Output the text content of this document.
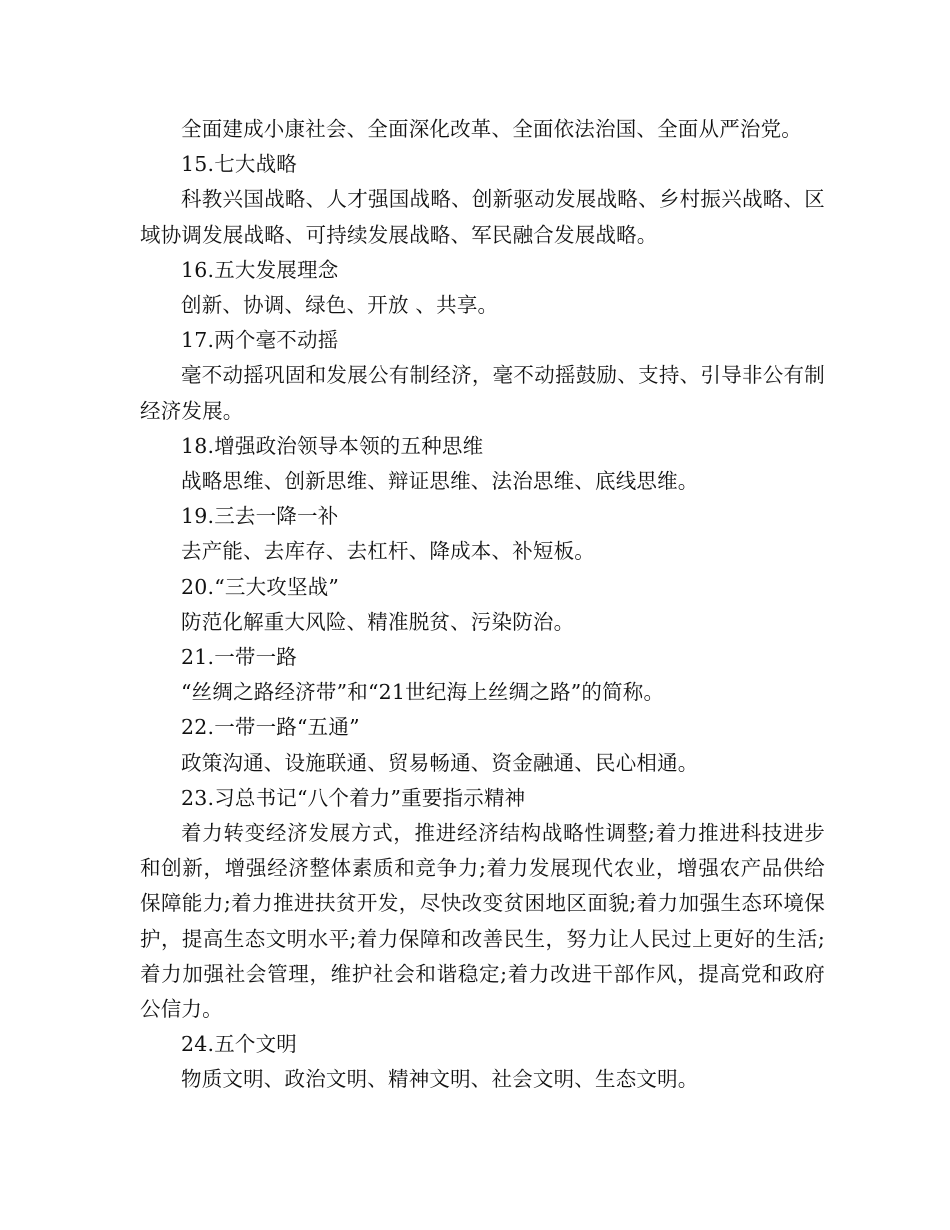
全面建成小康社会、全面深化改革、全面依法治国、全面从严治党。

15.七大战略

科教兴国战略、人才强国战略、创新驱动发展战略、乡村振兴战略、区域协调发展战略、可持续发展战略、军民融合发展战略。

16.五大发展理念

创新、协调、绿色、开放 、共享。

17.两个毫不动摇

毫不动摇巩固和发展公有制经济，毫不动摇鼓励、支持、引导非公有制经济发展。

18.增强政治领导本领的五种思维

战略思维、创新思维、辩证思维、法治思维、底线思维。

19.三去一降一补

去产能、去库存、去杠杆、降成本、补短板。

20.“三大攻坚战”

防范化解重大风险、精准脱贫、污染防治。

21.一带一路

“丝绸之路经济带”和“21世纪海上丝绸之路”的简称。

22.一带一路“五通”

政策沟通、设施联通、贸易畅通、资金融通、民心相通。

23.习总书记“八个着力”重要指示精神

着力转变经济发展方式，推进经济结构战略性调整;着力推进科技进步和创新，增强经济整体素质和竞争力;着力发展现代农业，增强农产品供给保障能力;着力推进扶贫开发，尽快改变贫困地区面貌;着力加强生态环境保护，提高生态文明水平;着力保障和改善民生，努力让人民过上更好的生活;着力加强社会管理，维护社会和谐稳定;着力改进干部作风，提高党和政府公信力。

24.五个文明

物质文明、政治文明、精神文明、社会文明、生态文明。
